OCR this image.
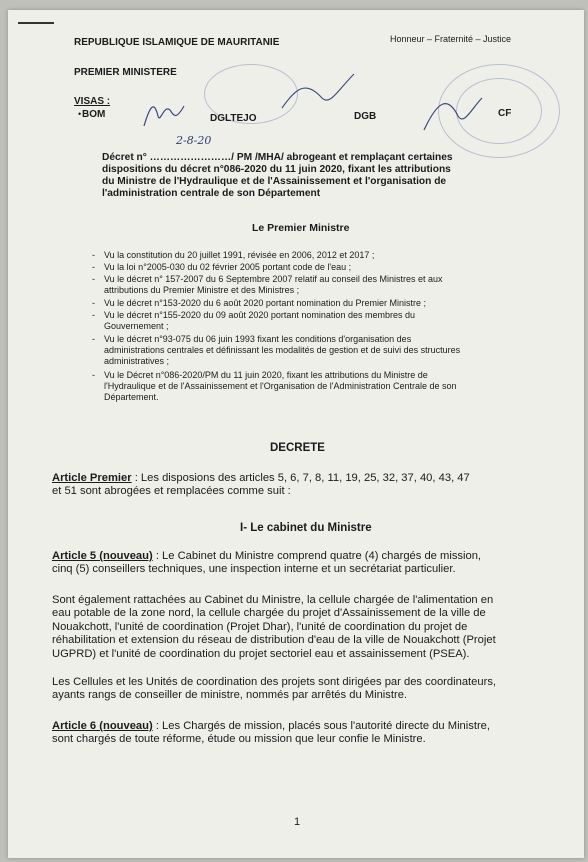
REPUBLIQUE ISLAMIQUE DE MAURITANIE	Honneur – Fraternité – Justice
PREMIER MINISTERE
VISAS :
BOM
•	DGLTEJO	DGB	CF
2-8-20
Décret n° ……………………/ PM /MHA/ abrogeant et remplaçant certaines
dispositions du décret n°086-2020 du 11 juin 2020, fixant les attributions
du Ministre de l'Hydraulique et de l'Assainissement et l'organisation de
l'administration centrale de son Département
Le Premier Ministre
- Vu la constitution du 20 juillet 1991, révisée en 2006, 2012 et 2017 ;
- Vu la loi n°2005-030 du 02 février 2005 portant code de l'eau ;
- Vu le décret n° 157-2007 du 6 Septembre 2007 relatif au conseil des Ministres et aux
attributions du Premier Ministre et des Ministres ;
- Vu le décret n°153-2020 du 6 août 2020 portant nomination du Premier Ministre ;
- Vu le décret n°155-2020 du 09 août 2020 portant nomination des membres du
Gouvernement ;
- Vu le décret n°93-075 du 06 juin 1993 fixant les conditions d'organisation des
administrations centrales et définissant les modalités de gestion et de suivi des structures
administratives ;
- Vu le Décret n°086-2020/PM du 11 juin 2020, fixant les attributions du Ministre de
l'Hydraulique et de l'Assainissement et l'Organisation de l'Administration Centrale de son
Département.
DECRETE
Article Premier : Les disposions des articles 5, 6, 7, 8, 11, 19, 25, 32, 37, 40, 43, 47
et 51 sont abrogées et remplacées comme suit :
I- Le cabinet du Ministre
Article 5 (nouveau) : Le Cabinet du Ministre comprend quatre (4) chargés de mission,
cinq (5) conseillers techniques, une inspection interne et un secrétariat particulier.
Sont également rattachées au Cabinet du Ministre, la cellule chargée de l'alimentation en
eau potable de la zone nord, la cellule chargée du projet d'Assainissement de la ville de
Nouakchott, l'unité de coordination (Projet Dhar), l'unité de coordination du projet de
réhabilitation et extension du réseau de distribution d'eau de la ville de Nouakchott (Projet
UGPRD) et l'unité de coordination du projet sectoriel eau et assainissement (PSEA).
Les Cellules et les Unités de coordination des projets sont dirigées par des coordinateurs,
ayants rangs de conseiller de ministre, nommés par arrêtés du Ministre.
Article 6 (nouveau) : Les Chargés de mission, placés sous l'autorité directe du Ministre,
sont chargés de toute réforme, étude ou mission que leur confie le Ministre.
1
